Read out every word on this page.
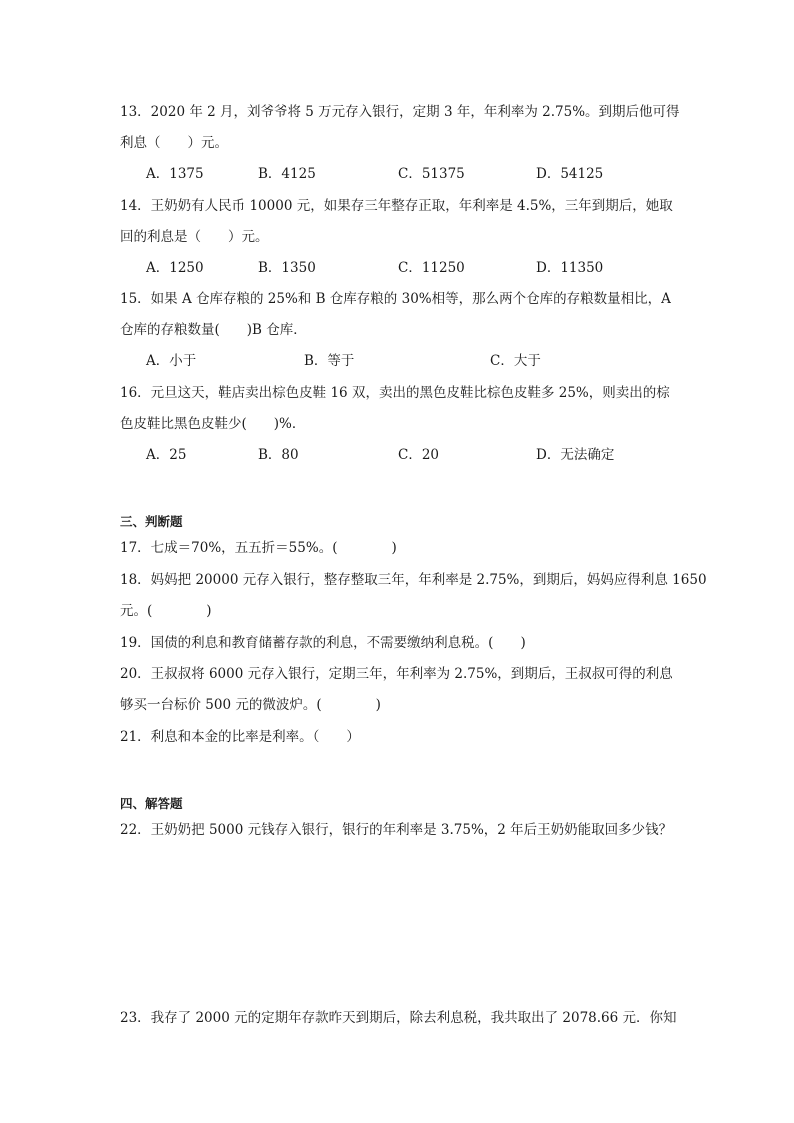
13．2020 年 2 月，刘爷爷将 5 万元存入银行，定期 3 年，年利率为 2.75%。到期后他可得
利息（　　）元。
A．1375	B．4125	C．51375	D．54125
14．王奶奶有人民币 10000 元，如果存三年整存正取，年利率是 4.5%，三年到期后，她取
回的利息是（　　）元。
A．1250	B．1350	C．11250	D．11350
15．如果 A 仓库存粮的 25%和 B 仓库存粮的 30%相等，那么两个仓库的存粮数量相比，A
仓库的存粮数量(　　)B 仓库．
A．小于	B．等于	C．大于
16．元旦这天，鞋店卖出棕色皮鞋 16 双，卖出的黑色皮鞋比棕色皮鞋多 25%，则卖出的棕
色皮鞋比黑色皮鞋少(　　)%．
A．25	B．80	C．20	D．无法确定
三、判断题
17．七成＝70%，五五折＝55%。(　　　　)
18．妈妈把 20000 元存入银行，整存整取三年，年利率是 2.75%，到期后，妈妈应得利息 1650
元。(　　　　)
19．国债的利息和教育储蓄存款的利息，不需要缴纳利息税。(　　)
20．王叔叔将 6000 元存入银行，定期三年，年利率为 2.75%，到期后，王叔叔可得的利息
够买一台标价 500 元的微波炉。(　　　　)
21．利息和本金的比率是利率。（　　）
四、解答题
22．王奶奶把 5000 元钱存入银行，银行的年利率是 3.75%，2 年后王奶奶能取回多少钱？
23．我存了 2000 元的定期年存款昨天到期后，除去利息税，我共取出了 2078.66 元．你知
